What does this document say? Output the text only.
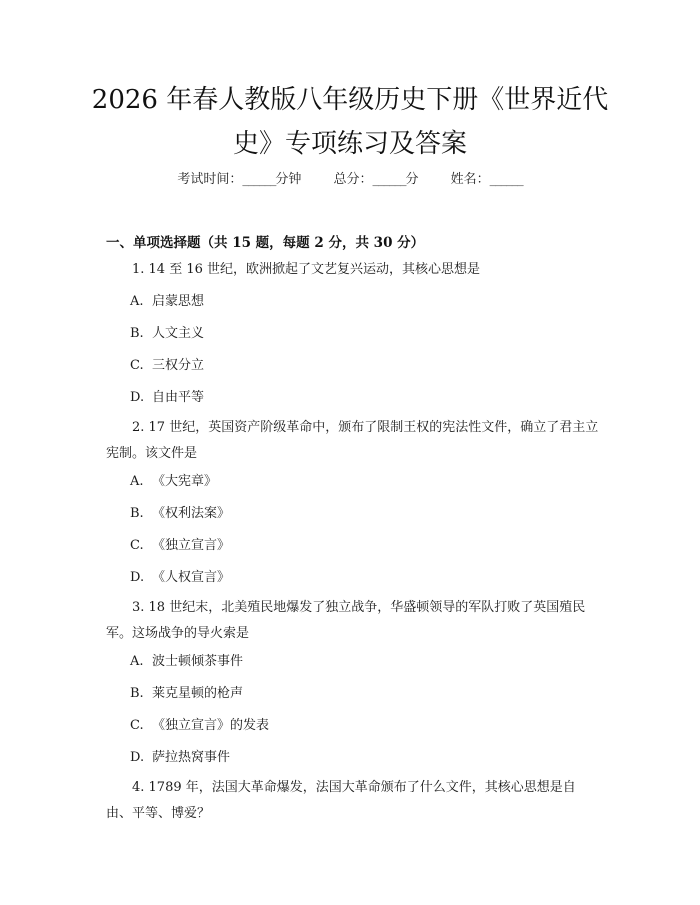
2026 年春人教版八年级历史下册《世界近代
史》专项练习及答案
考试时间：______分钟 总分：______分 姓名：______
一、单项选择题（共 15 题，每题 2 分，共 30 分）
1. 14 至 16 世纪，欧洲掀起了文艺复兴运动，其核心思想是
A. 启蒙思想
B. 人文主义
C. 三权分立
D. 自由平等
2. 17 世纪，英国资产阶级革命中，颁布了限制王权的宪法性文件，确立了君主立宪制。该文件是
A. 《大宪章》
B. 《权利法案》
C. 《独立宣言》
D. 《人权宣言》
3. 18 世纪末，北美殖民地爆发了独立战争，华盛顿领导的军队打败了英国殖民军。这场战争的导火索是
A. 波士顿倾茶事件
B. 莱克星顿的枪声
C. 《独立宣言》的发表
D. 萨拉热窝事件
4. 1789 年，法国大革命爆发，法国大革命颁布了什么文件，其核心思想是自由、平等、博爱？
